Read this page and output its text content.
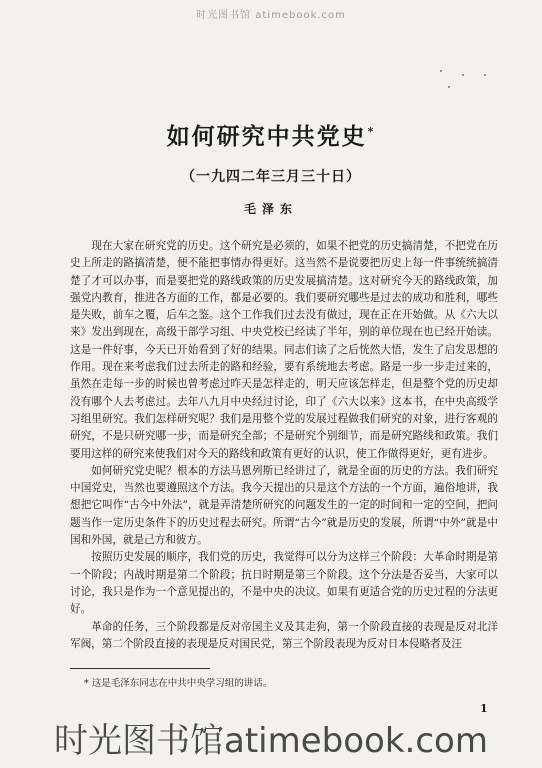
时光图书馆 atimebook.com
如何研究中共党史*
（一九四二年三月三十日）
毛泽东

现在大家在研究党的历史。这个研究是必须的，如果不把党的历史搞清楚，不把党在历史上所走的路搞清楚，便不能把事情办得更好。这当然不是说要把历史上每一件事统统搞清楚了才可以办事，而是要把党的路线政策的历史发展搞清楚。这对研究今天的路线政策，加强党内教育，推进各方面的工作，都是必要的。我们要研究哪些是过去的成功和胜利，哪些是失败，前车之覆，后车之鉴。这个工作我们过去没有做过，现在正在开始做。从《六大以来》发出到现在，高级干部学习组、中央党校已经读了半年，别的单位现在也已经开始读。这是一件好事，今天已开始看到了好的结果。同志们读了之后恍然大悟，发生了启发思想的作用。现在来考虑我们过去所走的路和经验，要有系统地去考虑。路是一步一步走过来的，虽然在走每一步的时候也曾考虑过昨天是怎样走的，明天应该怎样走，但是整个党的历史却没有哪个人去考虑过。去年八九月中央经过讨论，印了《六大以来》这本书，在中央高级学习组里研究。我们怎样研究呢？我们是用整个党的发展过程做我们研究的对象，进行客观的研究，不是只研究哪一步，而是研究全部；不是研究个别细节，而是研究路线和政策。我们要用这样的研究来使我们对今天的路线和政策有更好的认识，使工作做得更好，更有进步。

如何研究党史呢？根本的方法马恩列斯已经讲过了，就是全面的历史的方法。我们研究中国党史，当然也要遵照这个方法。我今天提出的只是这个方法的一个方面，遍俗地讲，我想把它叫作“古今中外法”，就是弄清楚所研究的问题发生的一定的时间和一定的空间，把问题当作一定历史条件下的历史过程去研究。所谓“古今”就是历史的发展，所谓“中外”就是中国和外国，就是己方和彼方。

按照历史发展的顺序，我们党的历史，我觉得可以分为这样三个阶段：大革命时期是第一个阶段；内战时期是第二个阶段；抗日时期是第三个阶段。这个分法是否妥当，大家可以讨论，我只是作为一个意见提出的，不是中央的决议。如果有更适合党的历史过程的分法更好。

革命的任务，三个阶段都是反对帝国主义及其走狗，第一个阶段直接的表现是反对北洋军阀，第二个阶段直接的表现是反对国民党，第三个阶段表现为反对日本侵略者及汪

* 这是毛泽东同志在中共中央学习组的讲话。
1
时光图书馆atimebook.com
